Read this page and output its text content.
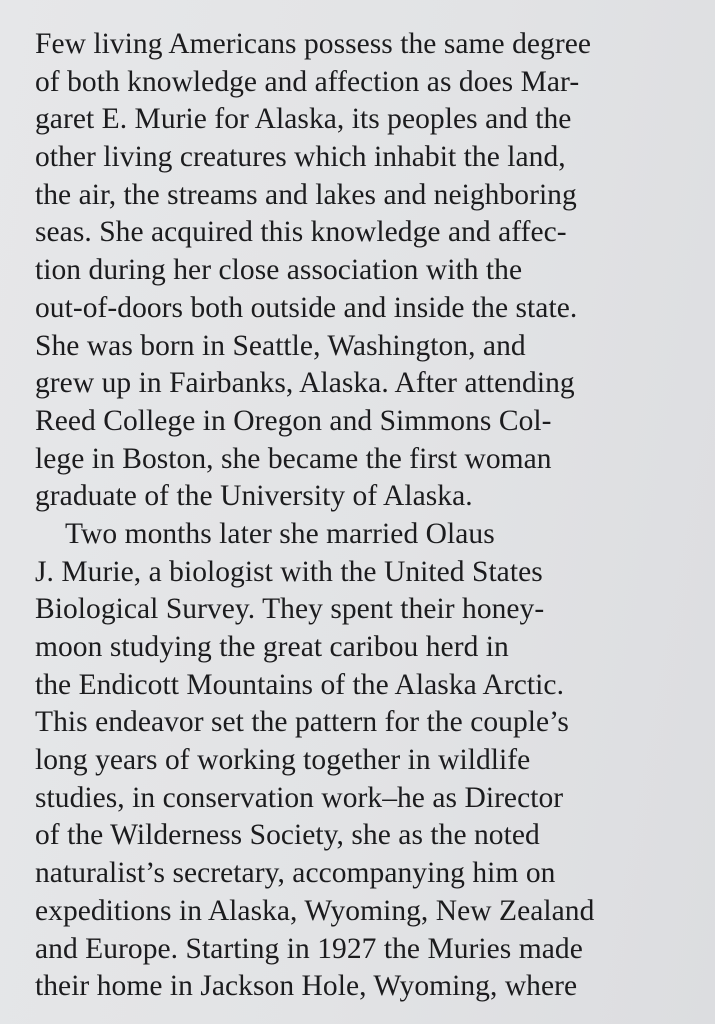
Few living Americans possess the same degree
of both knowledge and affection as does Mar-
garet E. Murie for Alaska, its peoples and the
other living creatures which inhabit the land,
the air, the streams and lakes and neighboring
seas. She acquired this knowledge and affec-
tion during her close association with the
out-of-doors both outside and inside the state.
She was born in Seattle, Washington, and
grew up in Fairbanks, Alaska. After attending
Reed College in Oregon and Simmons Col-
lege in Boston, she became the first woman
graduate of the University of Alaska.
Two months later she married Olaus
J. Murie, a biologist with the United States
Biological Survey. They spent their honey-
moon studying the great caribou herd in
the Endicott Mountains of the Alaska Arctic.
This endeavor set the pattern for the couple’s
long years of working together in wildlife
studies, in conservation work–he as Director
of the Wilderness Society, she as the noted
naturalist’s secretary, accompanying him on
expeditions in Alaska, Wyoming, New Zealand
and Europe. Starting in 1927 the Muries made
their home in Jackson Hole, Wyoming, where
